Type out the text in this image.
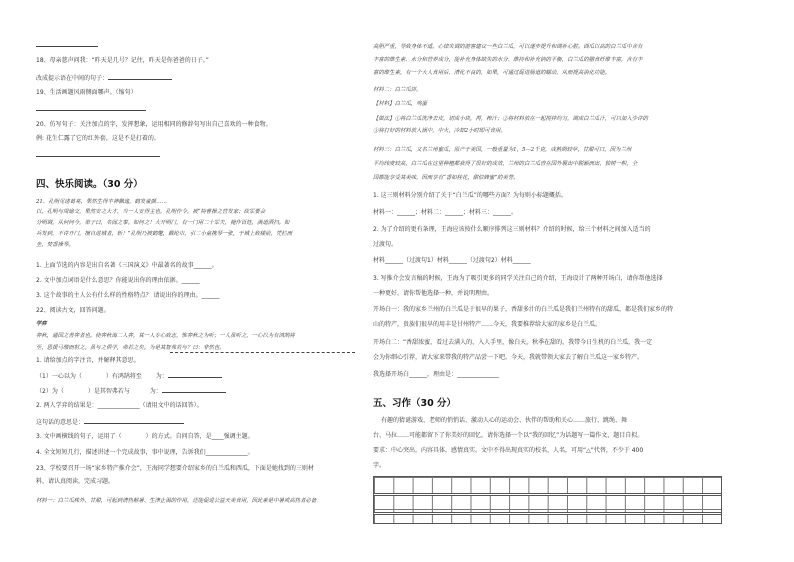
18、母亲慈声问我：“昨天是几号？记住，昨天是你爸爸的日子。”
改成提示语在中间的句子：
19、生活画题风雨侧面哪声。（缩句）
20、仿写句子：关注加点的字，发挥想象，运用相同的修辞句写出自己喜欢的一种食物。
例: 花生仁露了它的红外套，这是不是打着的。
四、快乐阅读。（30 分）
21、孔明见诸葛亮，果然生得丰神飘逸，鹤发童颜……
以，孔明与周瑜交，果然安之大才，当一人安得主也。孔明作令，被“特曹操之营发家；故军要会
分明调，从何何今，第子曰，名闻之事。如何之！大开明门，有一门用二十军夫，掩作百姓，满道洒扫。如
兵发到，不许开门，擅自进城者，斩！”孔明乃披鹤氅，戴纶巾，引二小童携琴一张，于城上敌楼前，凭栏而
坐，焚香操琴。
1. 上面节选的内容是出自名著《三国演义》中最著名的故事______。
2. 文中加点词语是什么意思？你能说出你的理由依据。______
3. 这个故事的主人公有什么样的性格特点？ 请说出你的理由。______
22、阅读古文，回答问题。
学弈
弈秋，通国之善弈者也。使弈秋诲二人弈，其一人专心致志，惟弈秋之为听；一人虽听之，一心以为有鸿鹄将
至，思援弓缴而射之。虽与之俱学，弗若之矣。为是其智弗若与？曰：非然也。
1. 请给加点的字注音，并解释其意思。
（1）一心以为（　　　　）有鸿鹄将至　　 为：
（2）为（　　　　）是其智弗若与　　　 为：
2. 两人学弈的结果是：______________（请用文中的话回答）。
这句话的意思是：
3. 文中画横线的句子，运用了（　　　　）的方式。自问自答，是____强调主题。
4. 全文短短几行，描述讲述一个完成故事，事中说理，告诉我们______________。
23、学校要召开一场“家乡特产推介会”，王海同学想要介绍家乡的白兰瓜和西瓜，下面是她找到的三则材
料，请认真阅读，完成习题。
材料一：白兰瓜株外，甘甜，可起到清热解暑、生津止渴的作用，还能促进公益天美食用，因此素是中暑或高热者必备
高胆严重，导致身体不适。心律失调的游客建议一些白兰瓜，可以逐步提升和调补心脏。西瓜以高的白兰瓜中含有
丰富的维生素、水分和营养成分，能补充身体缺失的水分、维持和补充钠的平衡，白兰瓜的膳食纤维丰富，含有丰
富的维生素，有一个大人食用后、清化不良的，如果，可通过促进肠道的蠕动，从而提高消化功能。
材料二：白兰瓜饼，
【材料】白兰瓜，鸡蛋
【做法】①将白兰瓜洗净去皮，切成小块，再，榨汁；②将材料放在一起搅拌均匀，调成白兰瓜汁，可以加入少许的
③将打好的材料放入锅中，中火，冷却2小时即可食用。
材料三：白兰瓜，又名兰州蜜瓜，原产于美国，一般重量为1，5—2千克，成熟期较早，甘甜可口，因为兰州
平均纬度较高，白兰瓜在这里种植都获得了很好的成效，兰州的白兰瓜曾在国外展出中脱颖而出，独树一帜，全
国都能享受其美味，因而享有“香如桂花，甜似蜂蜜”的美誉。
1. 这三则材料分别介绍了关于“白兰瓜”的哪些方面？为每则小标题概括。
材料一：______；材料二：______；材料三：______。
2. 为了介绍的更有条理，王海应该按什么顺序排列这三则材料？介绍的时候，给三个材料之间加入适当的
过渡句。
材料______（过渡句1）材料______（过渡句2）材料______
3. 写推介会发言稿的时候，王海为了吸引更多的同学关注自己的介绍，王海设计了两种开场白，请你帮他选择
一种更好，请你帮他选择一种，并说明理由。
开场白一：我的家乡兰州的白兰瓜是于很早的果子，香甜多汁的白兰瓜是我们兰州特有的甜瓜，都是我们家乡的特
山的特产，贵族们很早的用丰是甘州特产……今天，我要推荐给大家的家乡是白兰瓜。
开场白二：“香甜浓蜜，看过去满人的，入人手里，像白天，秋季在甜的，我带今日生机的白兰瓜，我一定
会为你细心引荐，请大家来带我的特产品尝一下吧。今天，我就带领大家去了解白兰瓜这一家乡特产。
我选择开场白______，理由是：______________
五、习作（30 分）
有趣的猜谜游戏、老师的悄悄话、激动人心的运动会、伙伴的帮助和关心……旅行、跳绳、舞
台、马拉……可能都留下了你美好的回忆，请你选择一个以“我的回忆”为话题写一篇作文，题目自拟。
要求：中心突出，内容具体，感情真实。文中不得出现真实的校名、人名，可用“△”代替，不少于 400
字。
